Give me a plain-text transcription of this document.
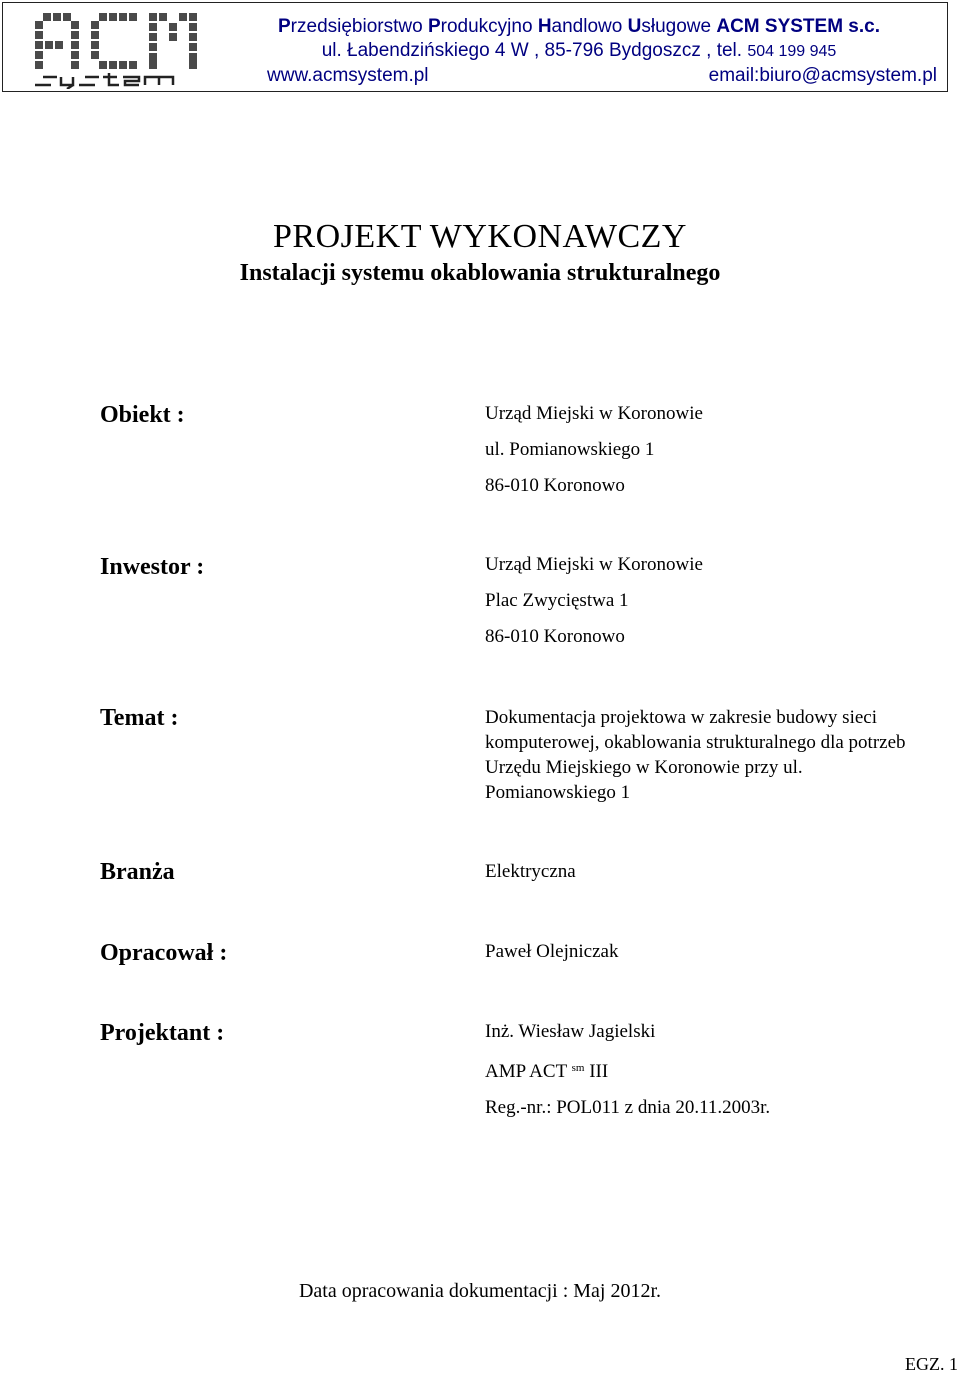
Przedsiębiorstwo Produkcyjno Handlowo Usługowe ACM SYSTEM s.c.
ul. Łabendzińskiego 4 W , 85-796 Bydgoszcz , tel. 504 199 945
www.acmsystem.pl	email:biuro@acmsystem.pl
PROJEKT WYKONAWCZY
Instalacji systemu okablowania strukturalnego
Obiekt :	Urząd Miejski w Koronowie
ul. Pomianowskiego 1
86-010 Koronowo
Inwestor :	Urząd Miejski w Koronowie
Plac Zwycięstwa 1
86-010 Koronowo
Temat :	Dokumentacja projektowa w zakresie budowy sieci komputerowej, okablowania strukturalnego dla potrzeb Urzędu Miejskiego w Koronowie przy ul. Pomianowskiego 1
Branża	Elektryczna
Opracował :	Paweł Olejniczak
Projektant :	Inż. Wiesław Jagielski
AMP ACT $^{sm}$ III
Reg.-nr.: POL011 z dnia 20.11.2003r.
Data opracowania dokumentacji : Maj 2012r.
EGZ. 1
